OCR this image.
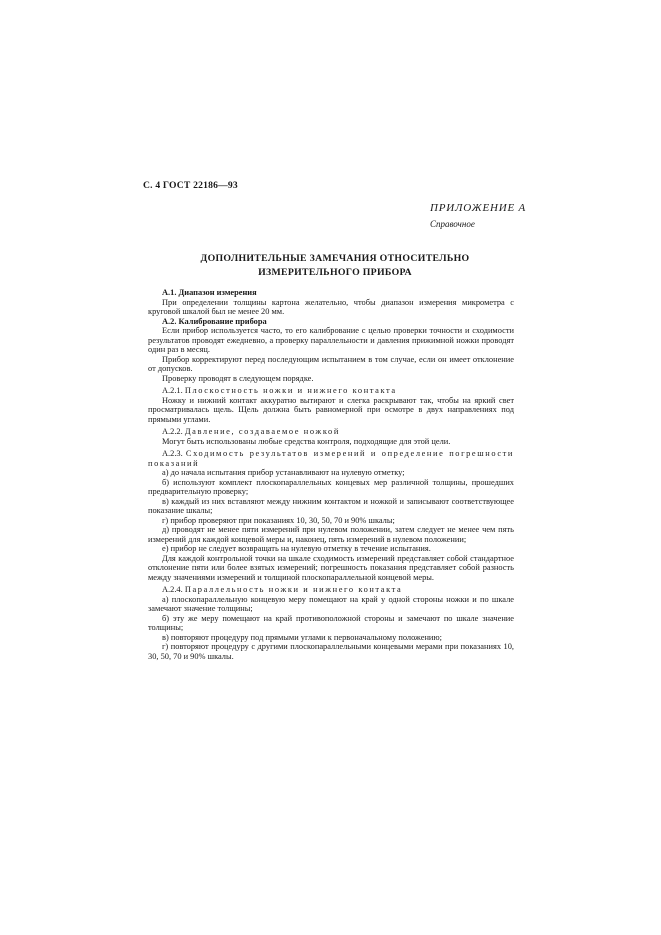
С. 4 ГОСТ 22186—93
ПРИЛОЖЕНИЕ А
Справочное
ДОПОЛНИТЕЛЬНЫЕ ЗАМЕЧАНИЯ ОТНОСИТЕЛЬНО
ИЗМЕРИТЕЛЬНОГО ПРИБОРА

А.1. Диапазон измерения

При определении толщины картона желательно, чтобы диапазон измерения микрометра с круговой шкалой был не менее 20 мм.

А.2. Калибрование прибора

Если прибор используется часто, то его калибрование с целью проверки точности и сходимости результатов проводят ежедневно, а проверку параллельности и давления прижимной ножки проводят один раз в месяц.

Прибор корректируют перед последующим испытанием в том случае, если он имеет отклонение от допусков.

Проверку проводят в следующем порядке.

А.2.1. Плоскостность ножки и нижнего контакта

Ножку и нижний контакт аккуратно вытирают и слегка раскрывают так, чтобы на яркий свет просматривалась щель. Щель должна быть равномерной при осмотре в двух направлениях под прямыми углами.

А.2.2. Давление, создаваемое ножкой

Могут быть использованы любые средства контроля, подходящие для этой цели.

А.2.3. Сходимость результатов измерений и определение погрешности показаний

а) до начала испытания прибор устанавливают на нулевую отметку;

б) используют комплект плоскопараллельных концевых мер различной толщины, прошедших предварительную проверку;

в) каждый из них вставляют между нижним контактом и ножкой и записывают соответствующее показание шкалы;

г) прибор проверяют при показаниях 10, 30, 50, 70 и 90% шкалы;

д) проводят не менее пяти измерений при нулевом положении, затем следует не менее чем пять измерений для каждой концевой меры и, наконец, пять измерений в нулевом положении;

е) прибор не следует возвращать на нулевую отметку в течение испытания.

Для каждой контрольной точки на шкале сходимость измерений представляет собой стандартное отклонение пяти или более взятых измерений; погрешность показания представляет собой разность между значениями измерений и толщиной плоскопараллельной концевой меры.

А.2.4. Параллельность ножки и нижнего контакта

а) плоскопараллельную концевую меру помещают на край у одной стороны ножки и по шкале замечают значение толщины;

б) эту же меру помещают на край противоположной стороны и замечают по шкале значение толщины;

в) повторяют процедуру под прямыми углами к первоначальному положению;

г) повторяют процедуру с другими плоскопараллельными концевыми мерами при показаниях 10, 30, 50, 70 и 90% шкалы.
